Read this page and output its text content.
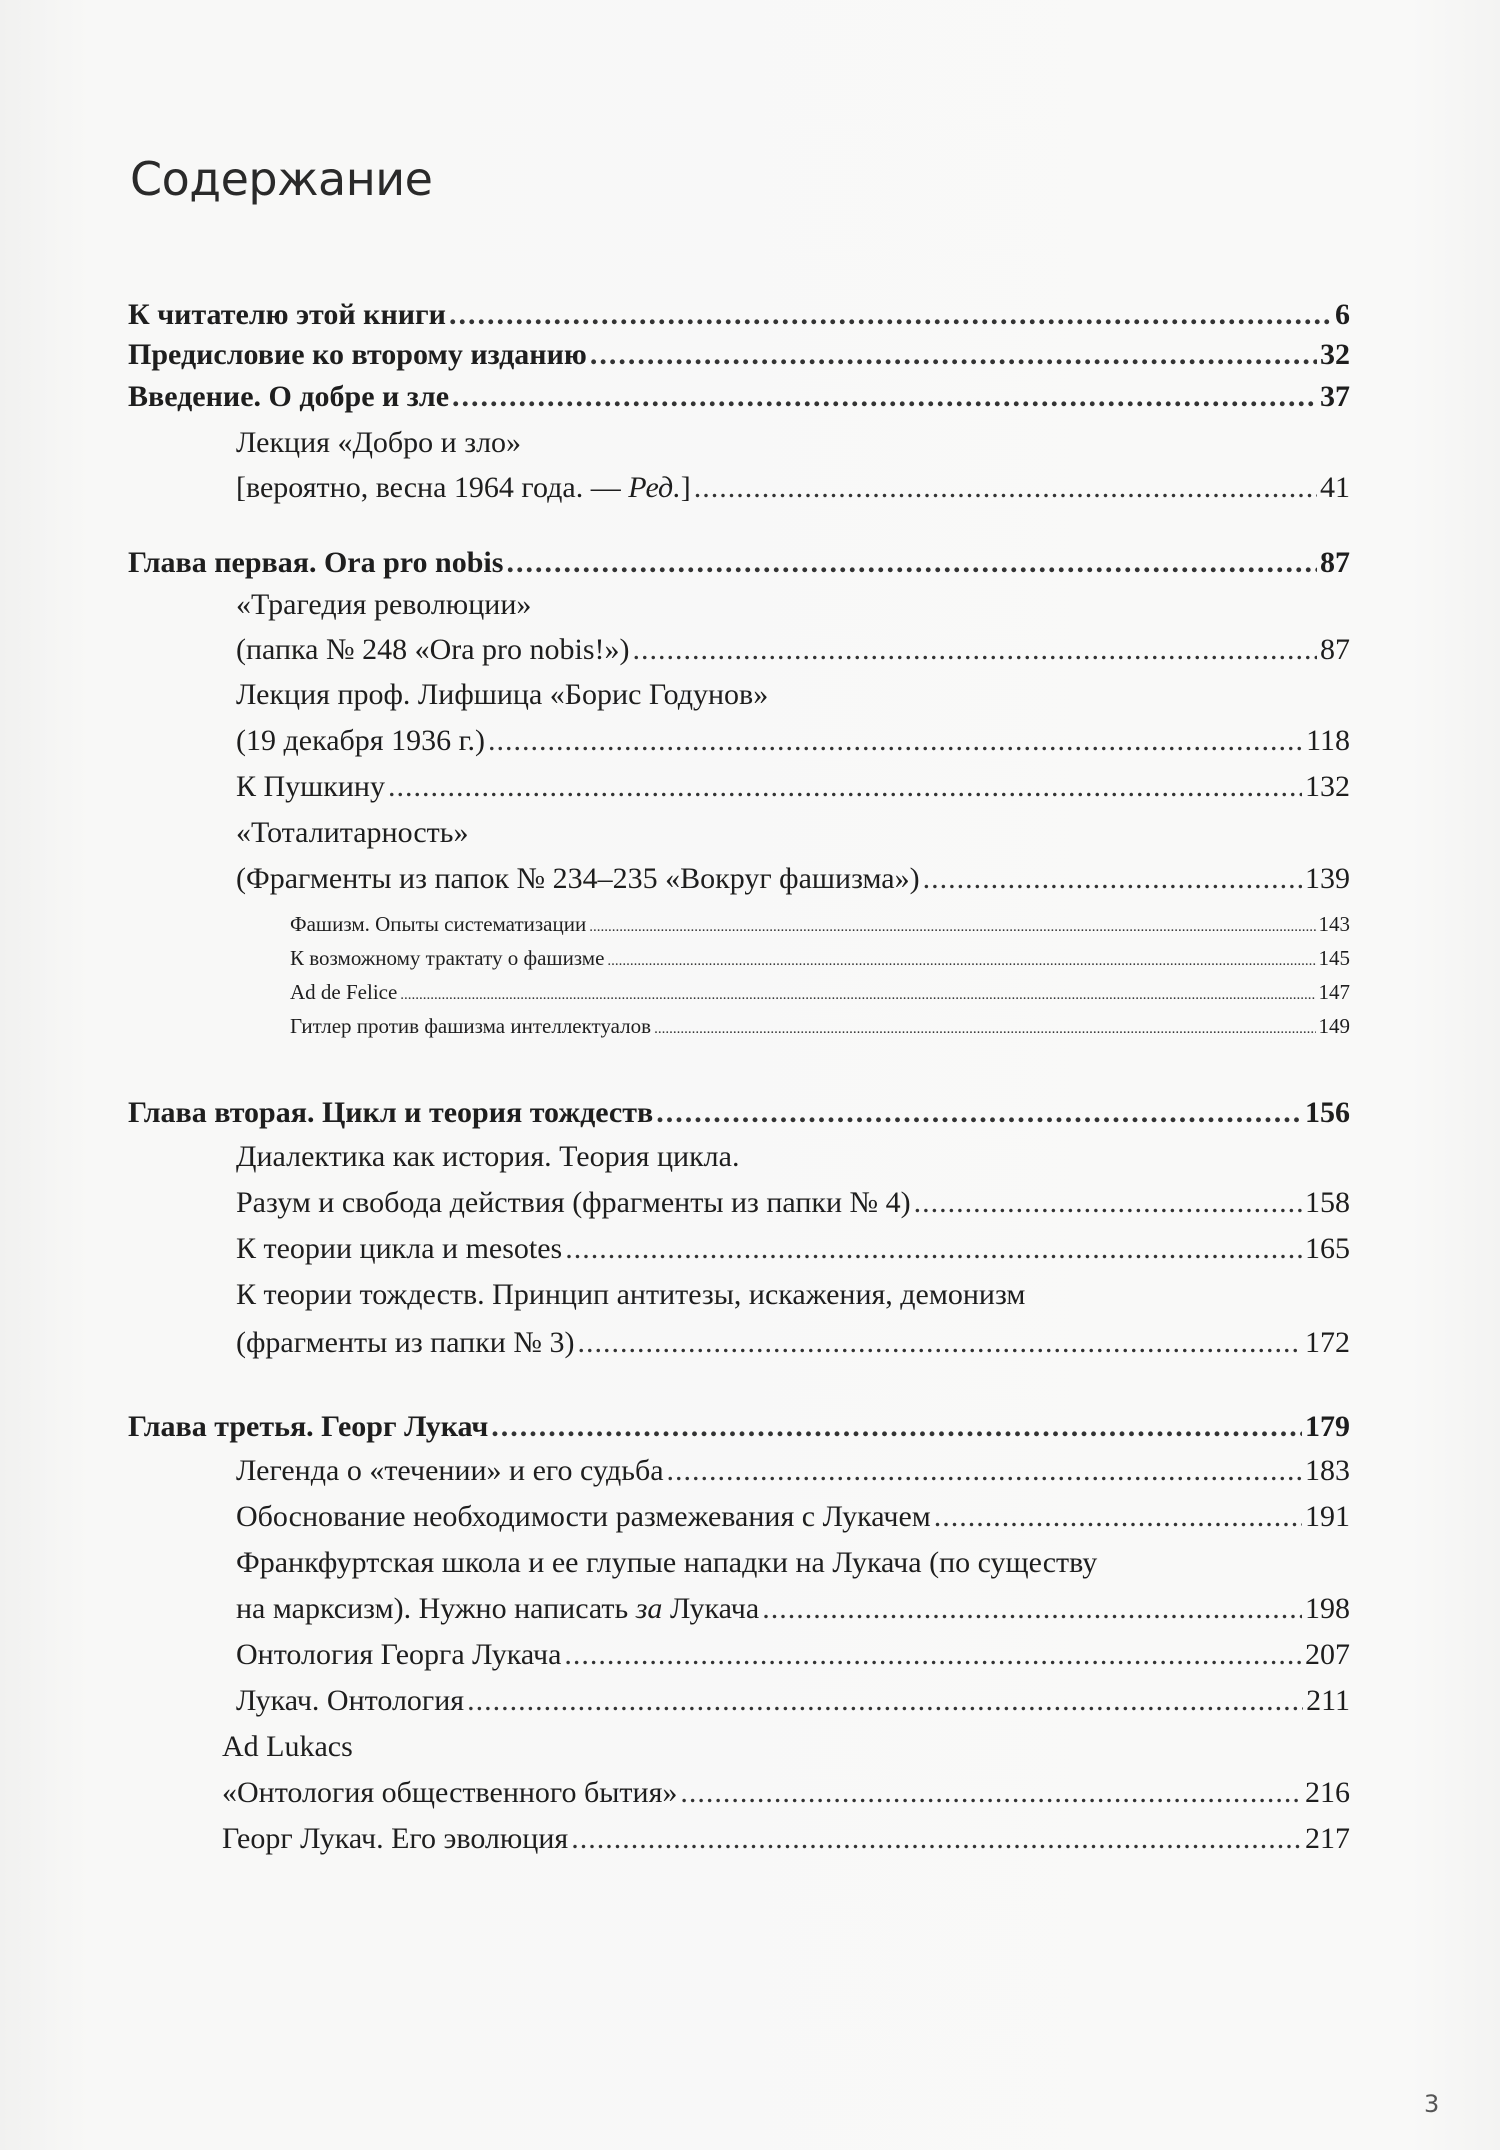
Содержание
К читателю этой книги .....	6
Предисловие ко второму изданию .....	32
Введение. О добре и зле .....	37
Лекция «Добро и зло»
[вероятно, весна 1964 года. — Ред.] .....	41
Глава первая. Ora pro nobis .....	87
«Трагедия революции»
(папка № 248 «Ora pro nobis!») .....	87
Лекция проф. Лифшица «Борис Годунов»
(19 декабря 1936 г.) .....	118
К Пушкину .....	132
«Тоталитарность»
(Фрагменты из папок № 234–235 «Вокруг фашизма») .....	139
Фашизм. Опыты систематизации .....	143
К возможному трактату о фашизме .....	145
Ad de Felice .....	147
Гитлер против фашизма интеллектуалов .....	149
Глава вторая. Цикл и теория тождеств .....	156
Диалектика как история. Теория цикла.
Разум и свобода действия (фрагменты из папки № 4) .....	158
К теории цикла и mesotes .....	165
К теории тождеств. Принцип антитезы, искажения, демонизм
(фрагменты из папки № 3) .....	172
Глава третья. Георг Лукач .....	179
Легенда о «течении» и его судьба .....	183
Обоснование необходимости размежевания с Лукачем .....	191
Франкфуртская школа и ее глупые нападки на Лукача (по существу
на марксизм). Нужно написать за Лукача .....	198
Онтология Георга Лукача .....	207
Лукач. Онтология .....	211
Ad Lukacs
«Онтология общественного бытия» .....	216
Георг Лукач. Его эволюция .....	217
3
